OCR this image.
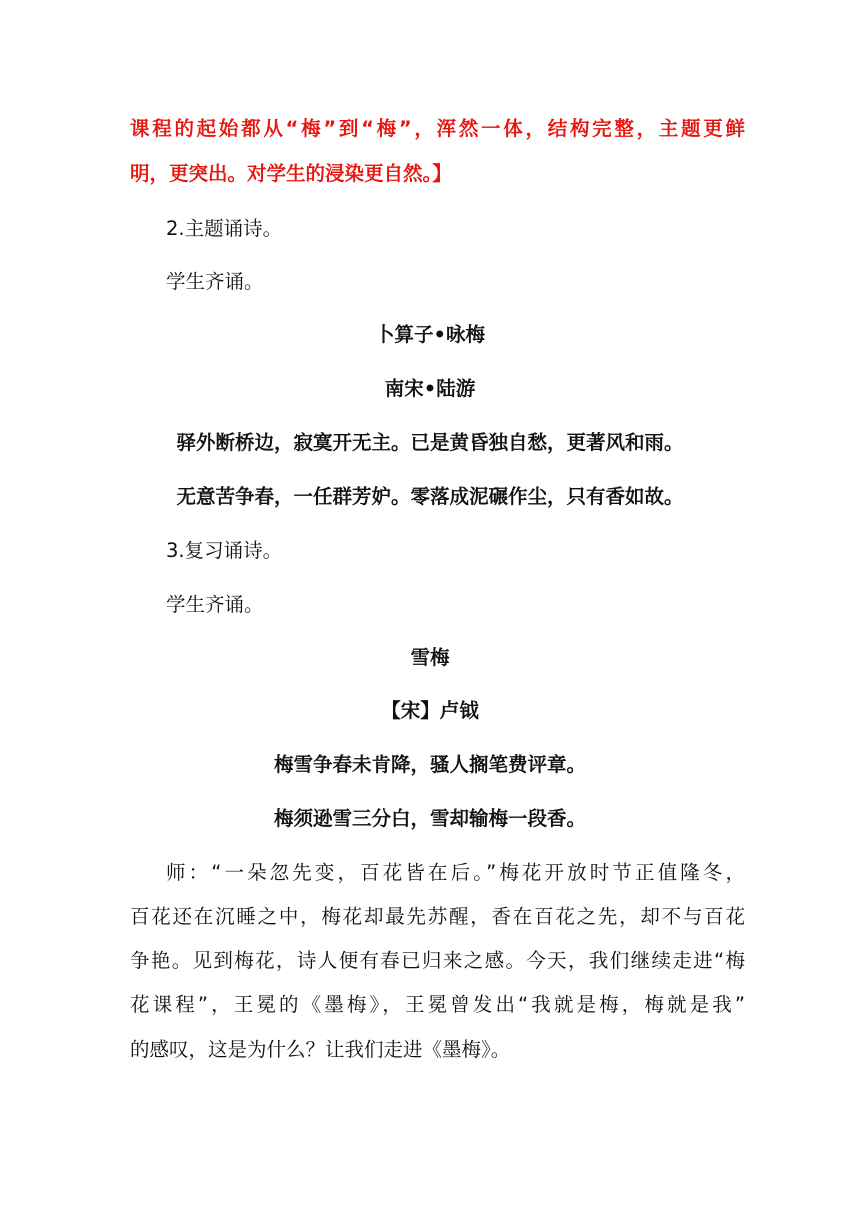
课程的起始都从“梅”到“梅”，浑然一体，结构完整，主题更鲜
明，更突出。对学生的浸染更自然。】
2.主题诵诗。
学生齐诵。
卜算子•咏梅
南宋•陆游
驿外断桥边，寂寞开无主。已是黄昏独自愁，更著风和雨。
无意苦争春，一任群芳妒。零落成泥碾作尘，只有香如故。
3.复习诵诗。
学生齐诵。
雪梅
【宋】卢钺
梅雪争春未肯降，骚人搁笔费评章。
梅须逊雪三分白，雪却输梅一段香。
师：“一朵忽先变，百花皆在后。”梅花开放时节正值隆冬，
百花还在沉睡之中，梅花却最先苏醒，香在百花之先，却不与百花
争艳。见到梅花，诗人便有春已归来之感。今天，我们继续走进“梅
花课程”，王冕的《墨梅》，王冕曾发出“我就是梅，梅就是我”
的感叹，这是为什么？让我们走进《墨梅》。
